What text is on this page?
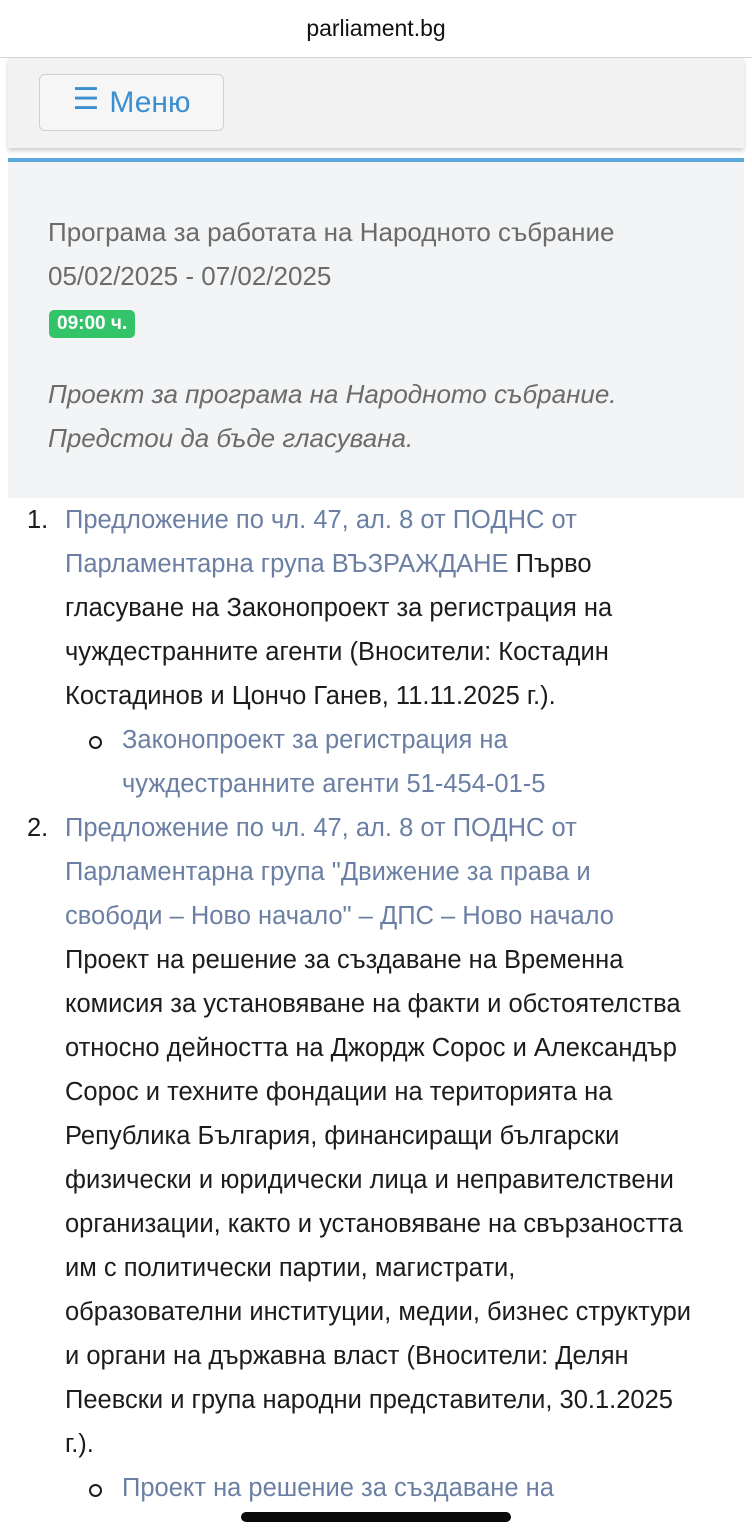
parliament.bg
☰ Меню
Програма за работата на Народното събрание
05/02/2025 - 07/02/2025
09:00 ч.
Проект за програма на Народното събрание.
Предстои да бъде гласувана.
1. Предложение по чл. 47, ал. 8 от ПОДНС от Парламентарна група ВЪЗРАЖДАНЕ Първо гласуване на Законопроект за регистрация на чуждестранните агенти (Вносители: Костадин Костадинов и Цончо Ганев, 11.11.2025 г.).
Законопроект за регистрация на чуждестранните агенти 51-454-01-5
2. Предложение по чл. 47, ал. 8 от ПОДНС от Парламентарна група "Движение за права и свободи – Ново начало" – ДПС – Ново начало Проект на решение за създаване на Временна комисия за установяване на факти и обстоятелства относно дейността на Джордж Сорос и Александър Сорос и техните фондации на територията на Република България, финансиращи български физически и юридически лица и неправителствени организации, както и установяване на свързаността им с политически партии, магистрати, образователни институции, медии, бизнес структури и органи на държавна власт (Вносители: Делян Пеевски и група народни представители, 30.1.2025 г.).
Проект на решение за създаване на
